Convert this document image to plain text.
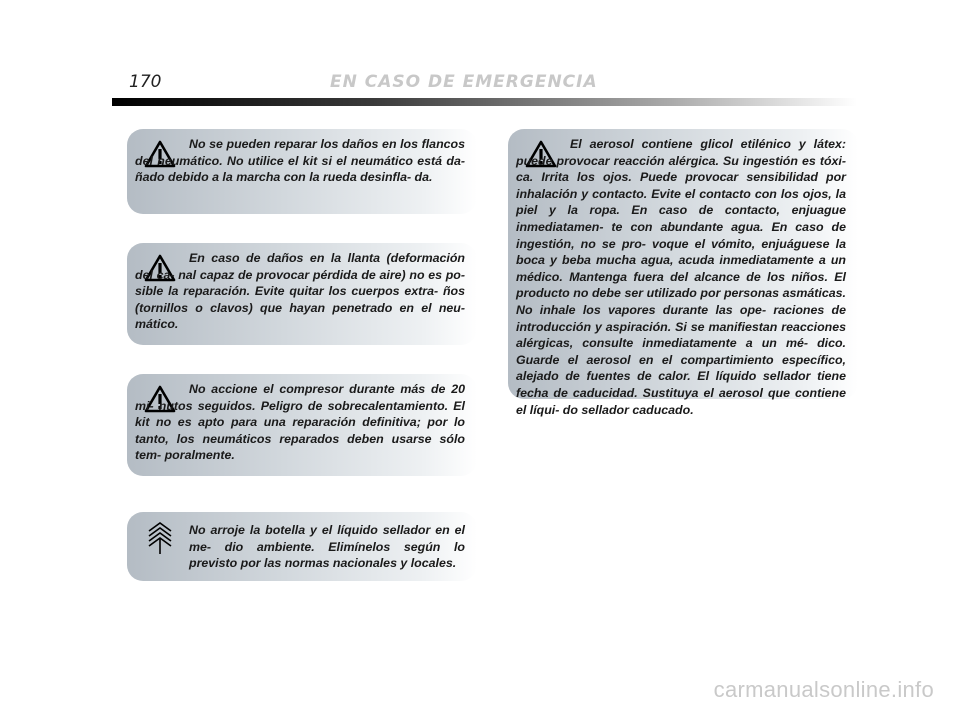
170	EN CASO DE EMERGENCIA
No se pueden reparar los daños en los flancos del neumático. No utilice el kit si el neumático está da- ñado debido a la marcha con la rueda desinfla- da.
En caso de daños en la llanta (deformación del ca- nal capaz de provocar pérdida de aire) no es po- sible la reparación. Evite quitar los cuerpos extra- ños (tornillos o clavos) que hayan penetrado en el neu- mático.
No accione el compresor durante más de 20 mi- nutos seguidos. Peligro de sobrecalentamiento. El kit no es apto para una reparación definitiva; por lo tanto, los neumáticos reparados deben usarse sólo tem- poralmente.
No arroje la botella y el líquido sellador en el me- dio ambiente. Elimínelos según lo previsto por las normas nacionales y locales.
El aerosol contiene glicol etilénico y látex: puede provocar reacción alérgica. Su ingestión es tóxi- ca. Irrita los ojos. Puede provocar sensibilidad por inhalación y contacto. Evite el contacto con los ojos, la piel y la ropa. En caso de contacto, enjuague inmediatamen- te con abundante agua. En caso de ingestión, no se pro- voque el vómito, enjuáguese la boca y beba mucha agua, acuda inmediatamente a un médico. Mantenga fuera del alcance de los niños. El producto no debe ser utilizado por personas asmáticas. No inhale los vapores durante las ope- raciones de introducción y aspiración. Si se manifiestan reacciones alérgicas, consulte inmediatamente a un mé- dico. Guarde el aerosol en el compartimiento específico, alejado de fuentes de calor. El líquido sellador tiene fecha de caducidad. Sustituya el aerosol que contiene el líqui- do sellador caducado.
carmanualsonline.info
